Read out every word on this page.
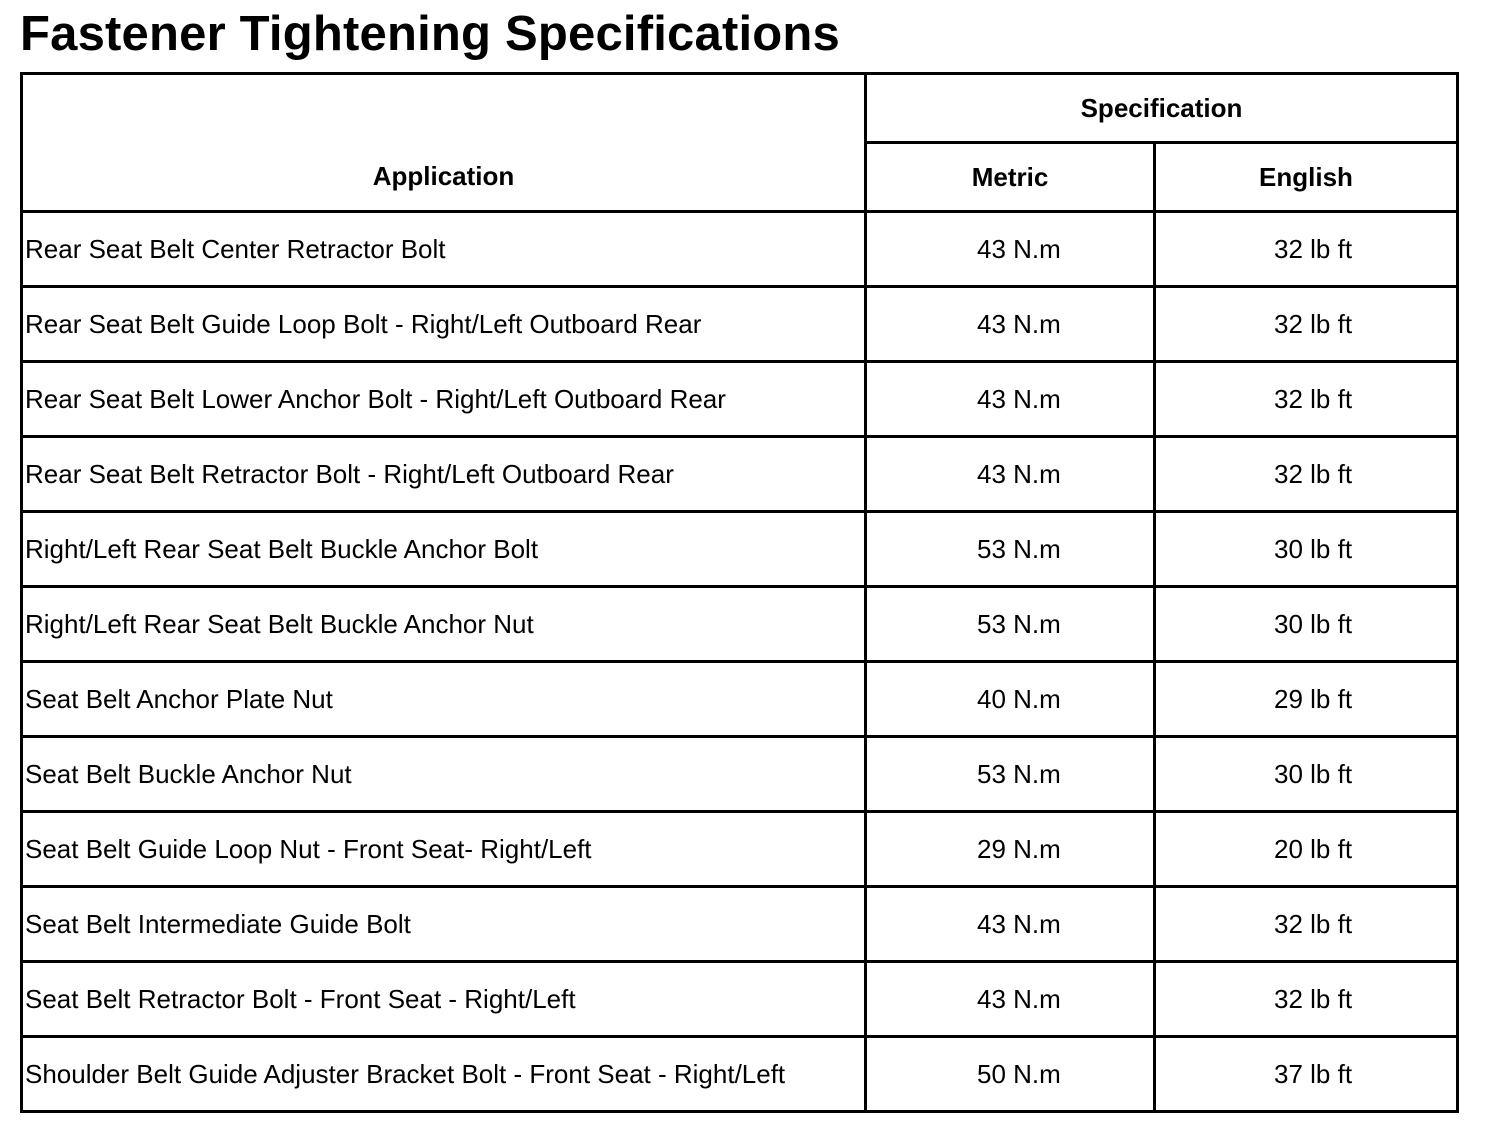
Fastener Tightening Specifications
Application	Specification	
	Metric	English
Rear Seat Belt Center Retractor Bolt	43 N.m	32 lb ft
Rear Seat Belt Guide Loop Bolt - Right/Left Outboard Rear	43 N.m	32 lb ft
Rear Seat Belt Lower Anchor Bolt - Right/Left Outboard Rear	43 N.m	32 lb ft
Rear Seat Belt Retractor Bolt - Right/Left Outboard Rear	43 N.m	32 lb ft
Right/Left Rear Seat Belt Buckle Anchor Bolt	53 N.m	30 lb ft
Right/Left Rear Seat Belt Buckle Anchor Nut	53 N.m	30 lb ft
Seat Belt Anchor Plate Nut	40 N.m	29 lb ft
Seat Belt Buckle Anchor Nut	53 N.m	30 lb ft
Seat Belt Guide Loop Nut - Front Seat- Right/Left	29 N.m	20 lb ft
Seat Belt Intermediate Guide Bolt	43 N.m	32 lb ft
Seat Belt Retractor Bolt - Front Seat - Right/Left	43 N.m	32 lb ft
Shoulder Belt Guide Adjuster Bracket Bolt - Front Seat - Right/Left	50 N.m	37 lb ft
